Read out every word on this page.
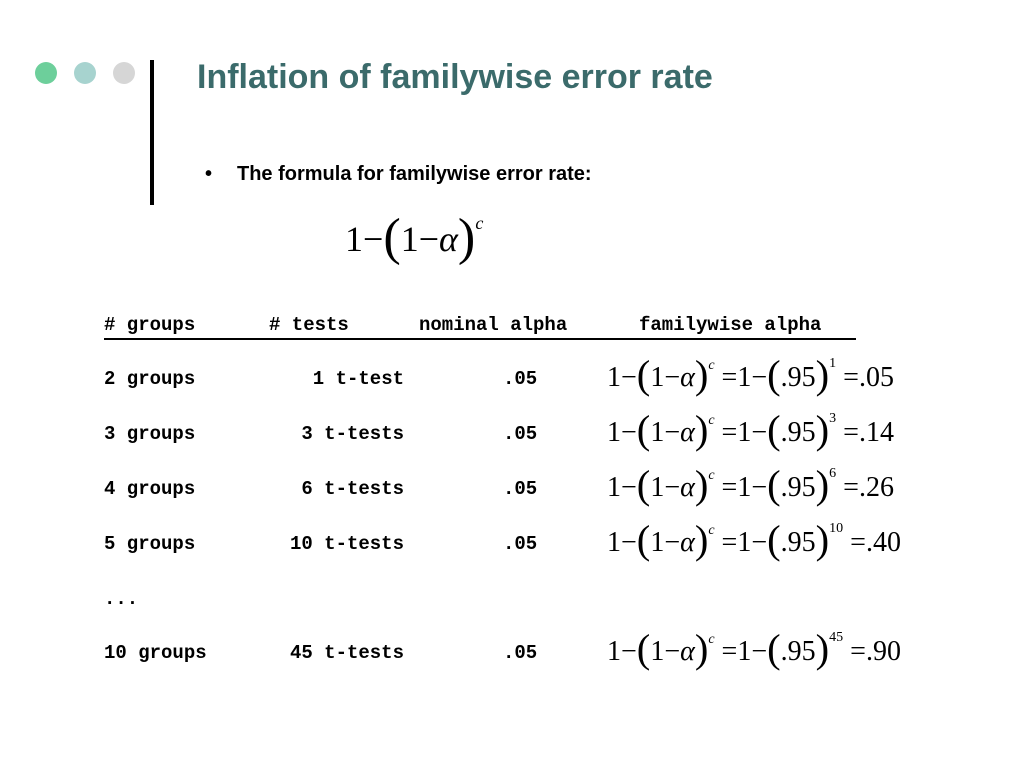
Inflation of familywise error rate
• The formula for familywise error rate:
$1-(1-\alpha)^c$
# groups	# tests	nominal alpha	familywise alpha
2 groups	1 t-test	.05 $1-(1-\alpha)^c =1-(.95)^1 =.05$
3 groups	3 t-tests	.05 $1-(1-\alpha)^c =1-(.95)^3 =.14$
4 groups	6 t-tests	.05 $1-(1-\alpha)^c =1-(.95)^6 =.26$
5 groups	10 t-tests	.05 $1-(1-\alpha)^c =1-(.95)^{10} =.40$
...
10 groups	45 t-tests	.05 $1-(1-\alpha)^c =1-(.95)^{45} =.90$
